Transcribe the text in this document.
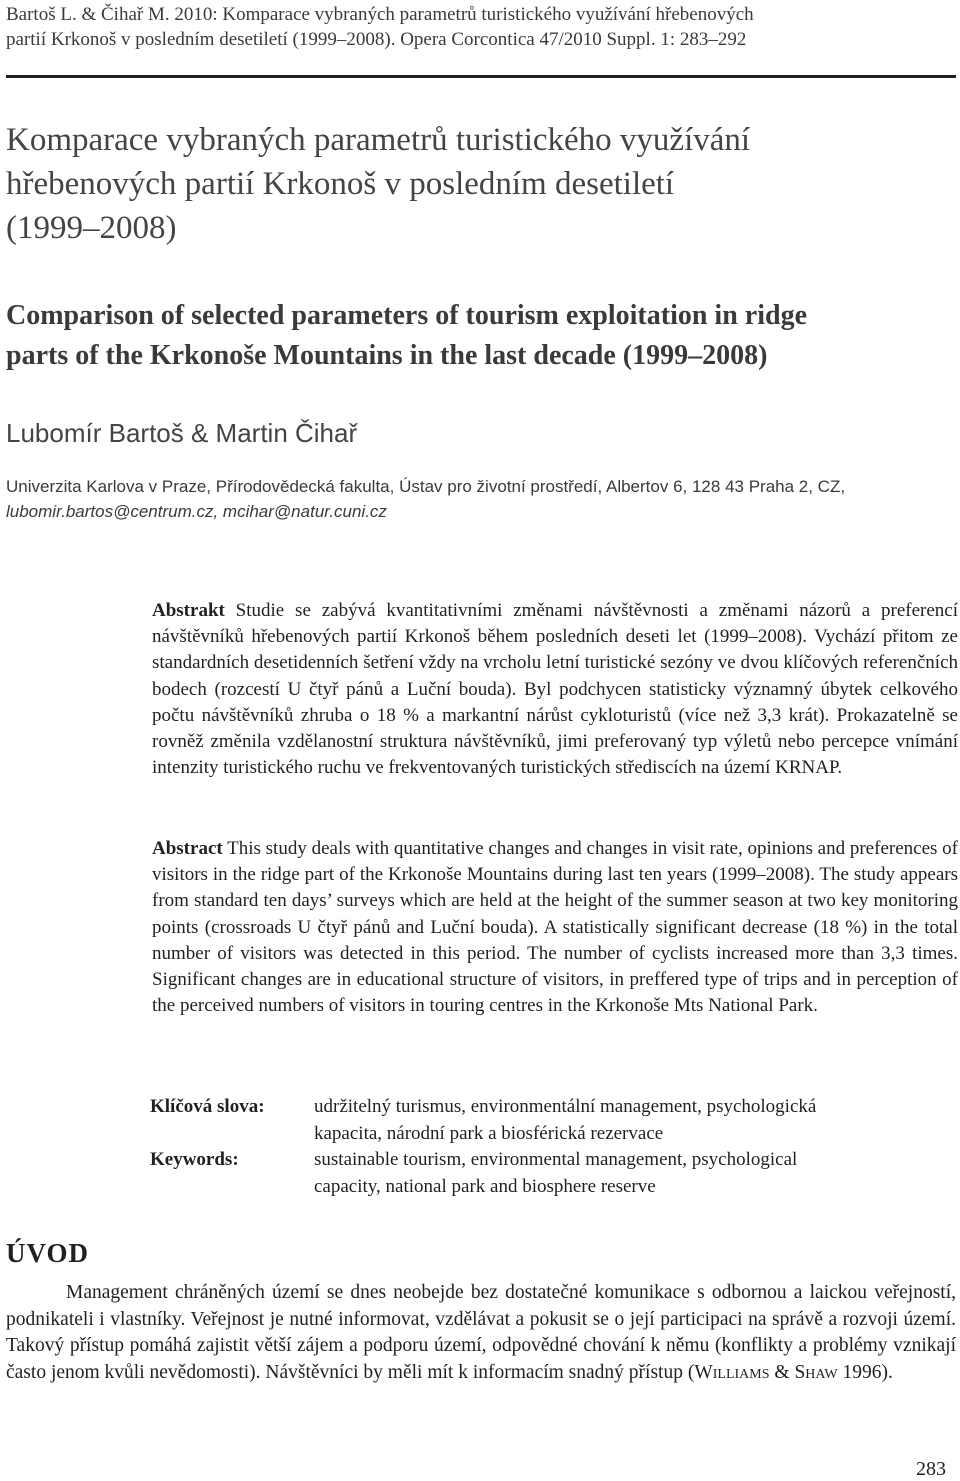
Bartoš L. & Čihař M. 2010: Komparace vybraných parametrů turistického využívání hřebenových
partií Krkonoš v posledním desetiletí (1999–2008). Opera Corcontica 47/2010 Suppl. 1: 283–292
Komparace vybraných parametrů turistického využívání
hřebenových partií Krkonoš v posledním desetiletí
(1999–2008)
Comparison of selected parameters of tourism exploitation in ridge
parts of the Krkonoše Mountains in the last decade (1999–2008)
Lubomír Bartoš & Martin Čihař
Univerzita Karlova v Praze, Přírodovědecká fakulta, Ústav pro životní prostředí, Albertov 6, 128 43 Praha 2, CZ,
lubomir.bartos@centrum.cz, mcihar@natur.cuni.cz
Abstrakt Studie se zabývá kvantitativními změnami návštěvnosti a změnami názorů a preferencí návštěvníků hřebenových partií Krkonoš během posledních deseti let (1999–2008). Vychází přitom ze standardních desetidenních šetření vždy na vrcholu letní turistické sezóny ve dvou klíčových referenčních bodech (rozcestí U čtyř pánů a Luční bouda). Byl podchycen statisticky významný úbytek celkového počtu návštěvníků zhruba o 18 % a markantní nárůst cykloturistů (více než 3,3 krát). Prokazatelně se rovněž změnila vzdělanostní struktura návštěvníků, jimi preferovaný typ výletů nebo percepce vnímání intenzity turistického ruchu ve frekventovaných turistických střediscích na území KRNAP.
Abstract This study deals with quantitative changes and changes in visit rate, opinions and preferences of visitors in the ridge part of the Krkonoše Mountains during last ten years (1999–2008). The study appears from standard ten days’ surveys which are held at the height of the summer season at two key monitoring points (crossroads U čtyř pánů and Luční bouda). A statistically significant decrease (18 %) in the total number of visitors was detected in this period. The number of cyclists increased more than 3,3 times. Significant changes are in educational structure of visitors, in preffered type of trips and in perception of the perceived numbers of visitors in touring centres in the Krkonoše Mts National Park.
Klíčová slova:	udržitelný turismus, environmentální management, psychologická
kapacita, národní park a biosférická rezervace
Keywords:	sustainable tourism, environmental management, psychological
capacity, national park and biosphere reserve
ÚVOD
Management chráněných území se dnes neobejde bez dostatečné komunikace s odbornou a laickou veřejností, podnikateli i vlastníky. Veřejnost je nutné informovat, vzdělávat a pokusit se o její participaci na správě a rozvoji území. Takový přístup pomáhá zajistit větší zájem a podporu území, odpovědné chování k němu (konflikty a problémy vznikají často jenom kvůli nevědomosti). Návštěvníci by měli mít k informacím snadný přístup (Williams & Shaw 1996).
283
